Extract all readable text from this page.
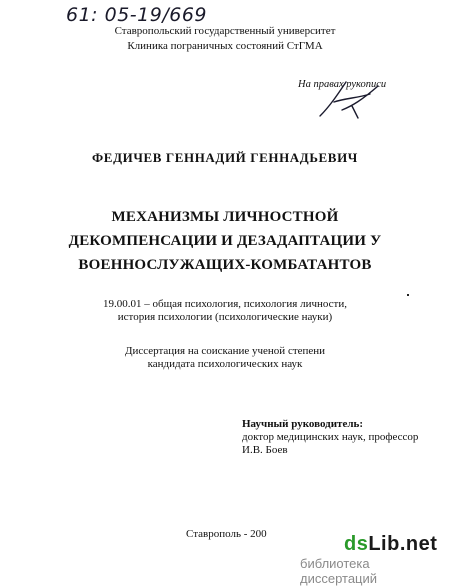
61: 05-19/669
Ставропольский государственный университет
Клиника пограничных состояний СтГМА
На правах рукописи
ФЕДИЧЕВ ГЕННАДИЙ ГЕННАДЬЕВИЧ
МЕХАНИЗМЫ ЛИЧНОСТНОЙ
ДЕКОМПЕНСАЦИИ И ДЕЗАДАПТАЦИИ У
ВОЕННОСЛУЖАЩИХ-КОМБАТАНТОВ
19.00.01 – общая психология, психология личности,
история психологии (психологические науки)
Диссертация на соискание ученой степени
кандидата психологических наук
Научный руководитель:
доктор медицинских наук, профессор
И.В. Боев
Ставрополь - 200	dsLib.net
библиотека диссертаций
